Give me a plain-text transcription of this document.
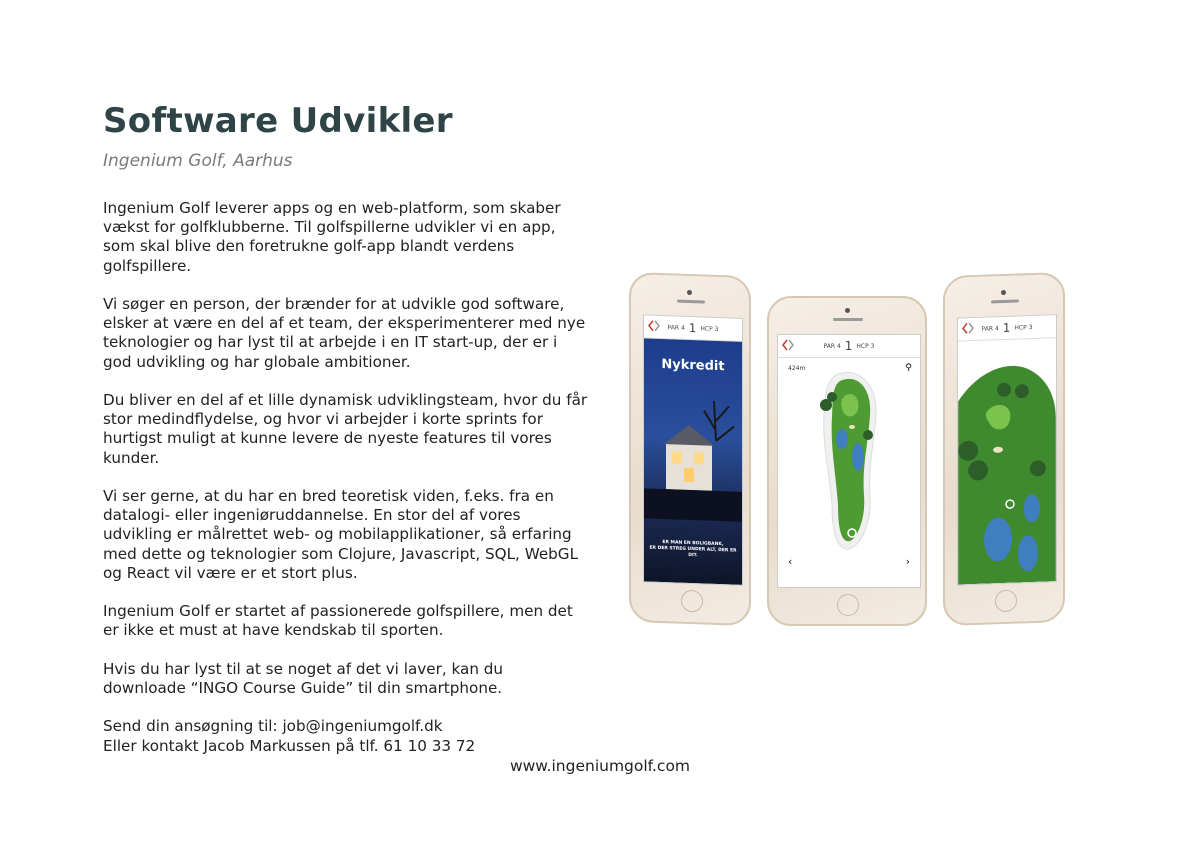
Software Udvikler
Ingenium Golf, Aarhus

Ingenium Golf leverer apps og en web-platform, som skaber vækst for golfklubberne. Til golfspillerne udvikler vi en app, som skal blive den foretrukne golf-app blandt verdens golfspillere.

Vi søger en person, der brænder for at udvikle god software, elsker at være en del af et team, der eksperimenterer med nye teknologier og har lyst til at arbejde i en IT start-up, der er i god udvikling og har globale ambitioner.

Du bliver en del af et lille dynamisk udviklingsteam, hvor du får stor medindflydelse, og hvor vi arbejder i korte sprints for hurtigst muligt at kunne levere de nyeste features til vores kunder.

Vi ser gerne, at du har en bred teoretisk viden, f.eks. fra en datalogi- eller ingeniøruddannelse. En stor del af vores udvikling er målrettet web- og mobilapplikationer, så erfaring med dette og teknologier som Clojure, Javascript, SQL, WebGL og React vil være er et stort plus.

Ingenium Golf er startet af passionerede golfspillere, men det er ikke et must at have kendskab til sporten.

Hvis du har lyst til at se noget af det vi laver, kan du downloade “INGO Course Guide” til din smartphone.

Send din ansøgning til: job@ingeniumgolf.dk

Eller kontakt Jacob Markussen på tlf. 61 10 33 72

www.ingeniumgolf.com
PAR 4 1 HCP 3
Nykredit
ER MAN EN BOLIGBANK,
ER DER STREG UNDER ALT, DER ER DIT.
PAR 4 1 HCP 3
424m	⚲
‹	›
PAR 4 1 HCP 3
424m
